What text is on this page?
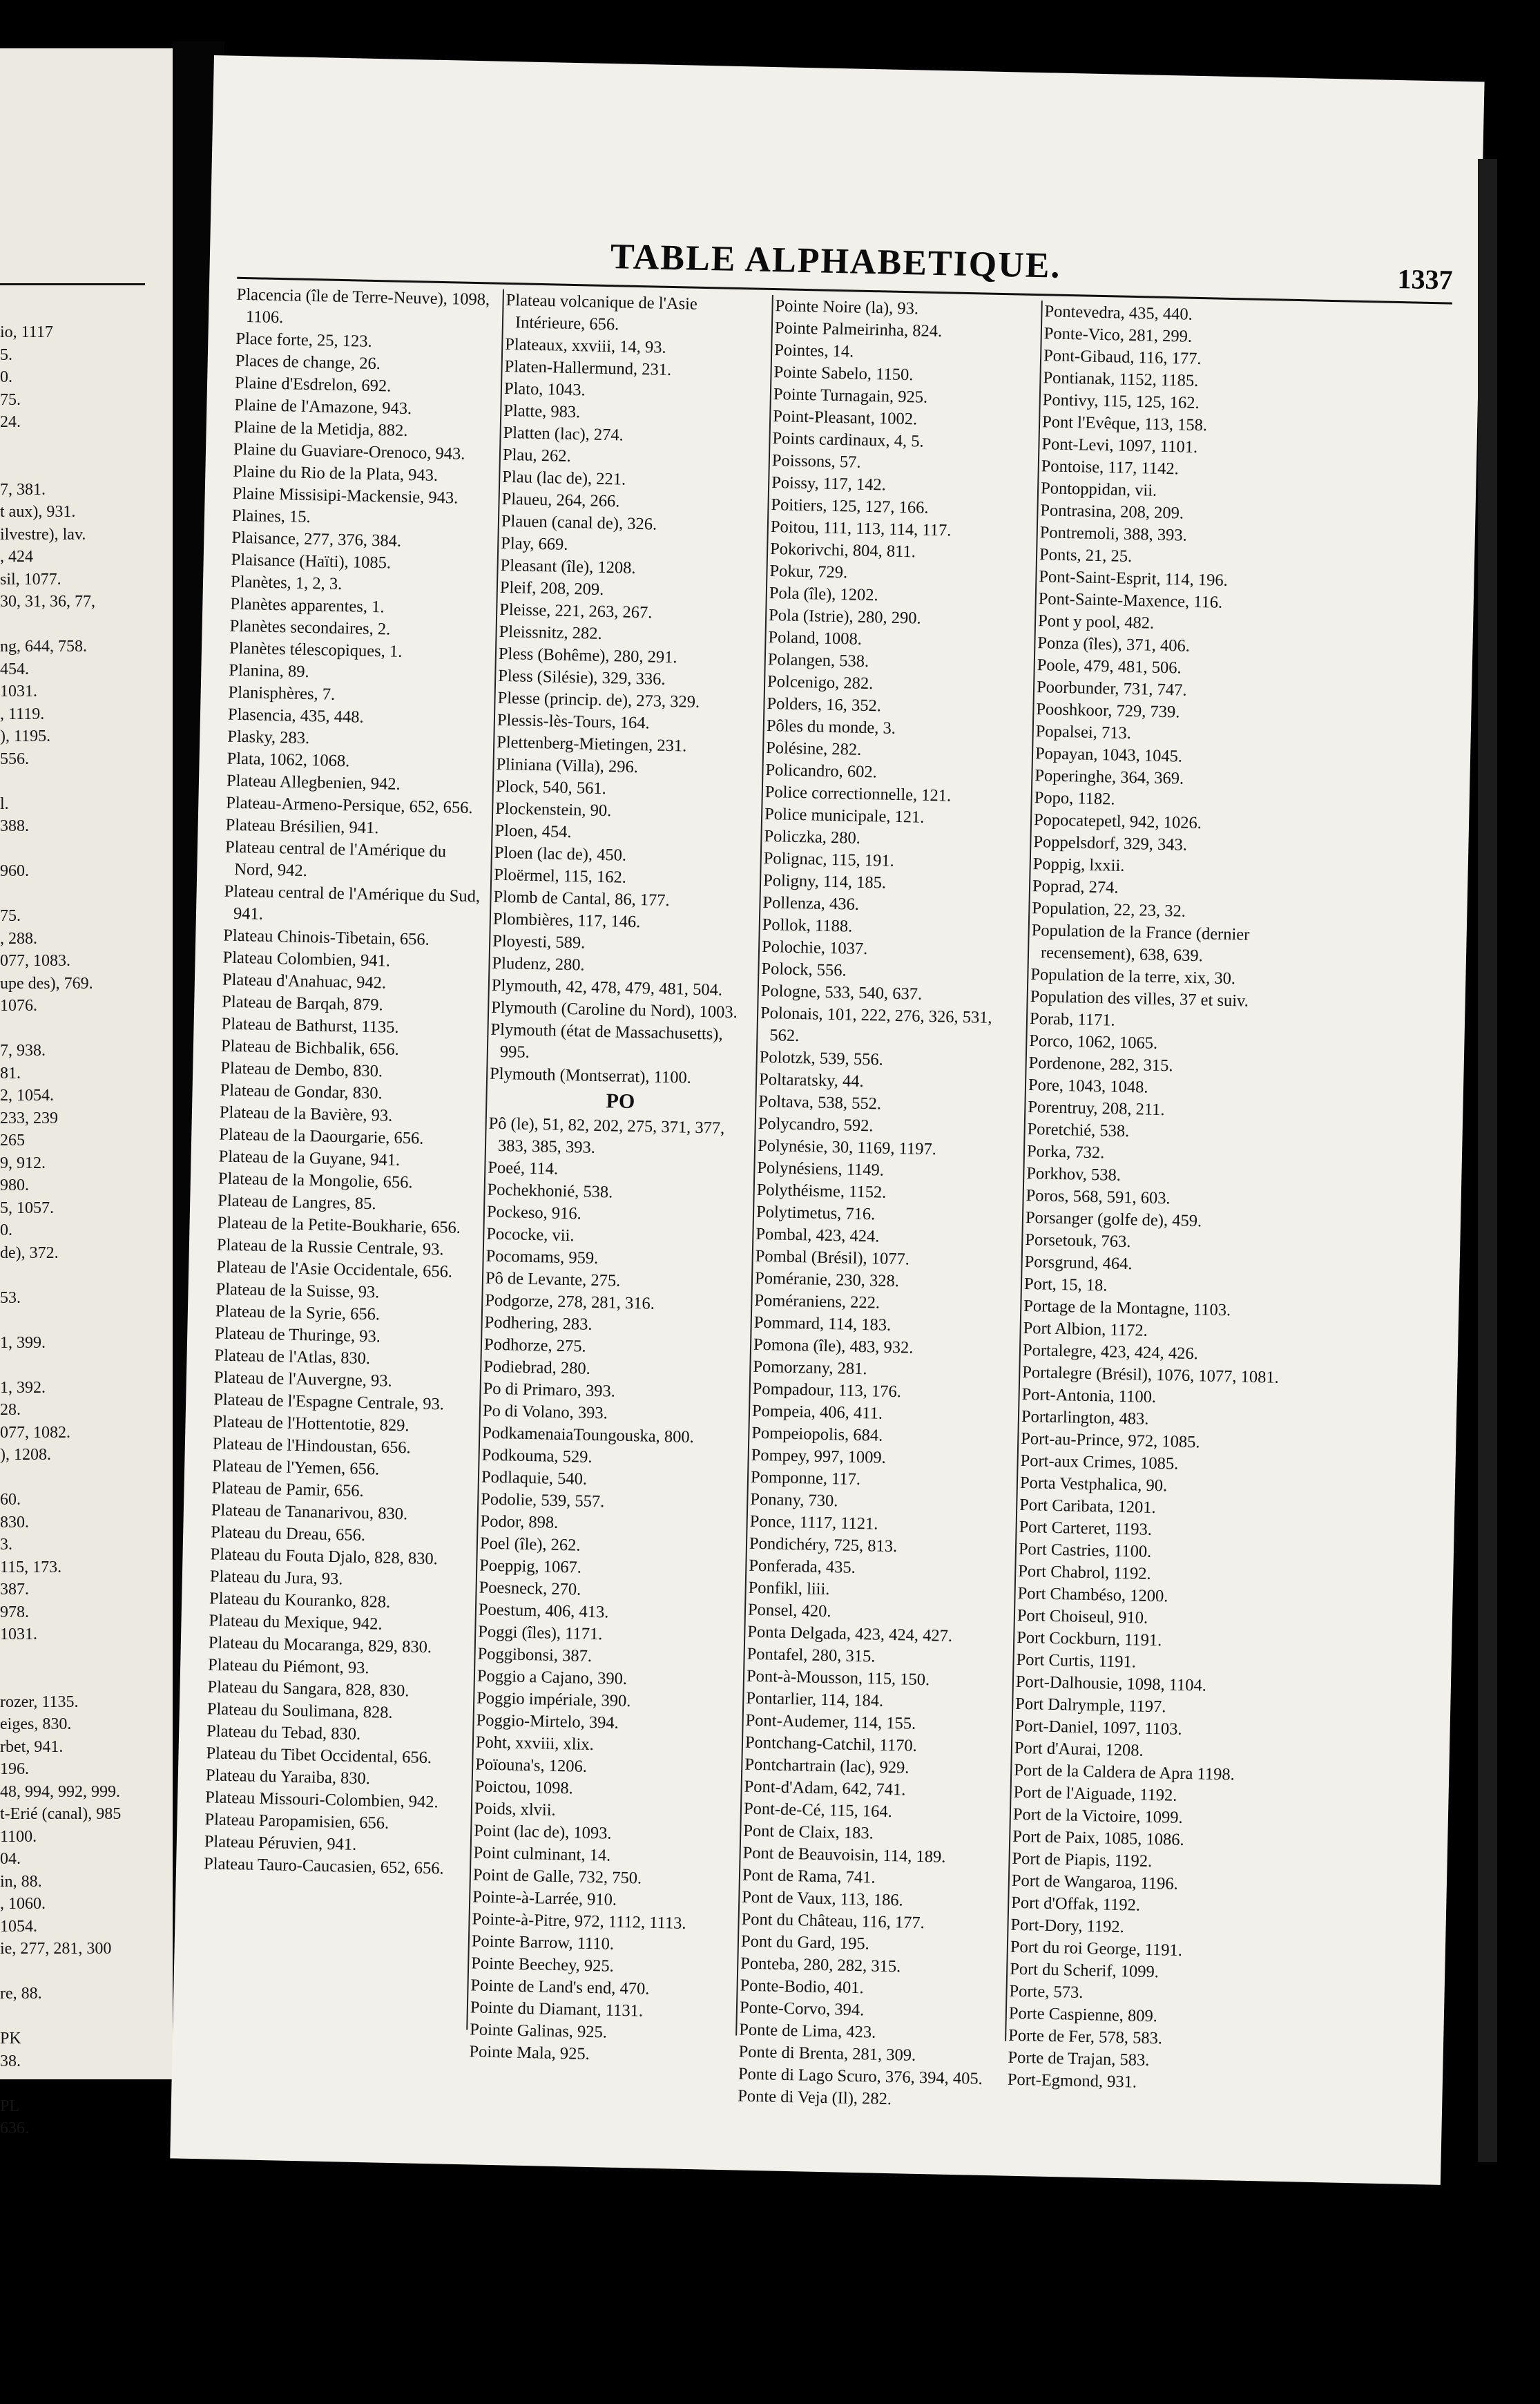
io, 1117
5.
0.
75.
24.

7, 381.
t aux), 931.
ilvestre), lav.
, 424
sil, 1077.
30, 31, 36, 77,

ng, 644, 758.
454.
1031.
, 1119.
), 1195.
556.

l.
388.

960.

75.
, 288.
077, 1083.
upe des), 769.
1076.

7, 938.
81.
2, 1054.
233, 239
265
9, 912.
980.
5, 1057.
0.
de), 372.

53.

1, 399.

1, 392.
28.
077, 1082.
), 1208.

60.
830.
3.
115, 173.
387.
978.
1031.

rozer, 1135.
eiges, 830.
rbet, 941.
196.
48, 994, 992, 999.
t-Erié (canal), 985
1100.
04.
in, 88.
, 1060.
1054.
ie, 277, 281, 300

re, 88.

PK
38.

PL
636.
TABLE ALPHABETIQUE.	1337

Placencia (île de Terre-Neuve), 1098, 1106.

Place forte, 25, 123.

Places de change, 26.

Plaine d'Esdrelon, 692.

Plaine de l'Amazone, 943.

Plaine de la Metidja, 882.

Plaine du Guaviare-Orenoco, 943.

Plaine du Rio de la Plata, 943.

Plaine Missisipi-Mackensie, 943.

Plaines, 15.

Plaisance, 277, 376, 384.

Plaisance (Haïti), 1085.

Planètes, 1, 2, 3.

Planètes apparentes, 1.

Planètes secondaires, 2.

Planètes télescopiques, 1.

Planina, 89.

Planisphères, 7.

Plasencia, 435, 448.

Plasky, 283.

Plata, 1062, 1068.

Plateau Allegbenien, 942.

Plateau-Armeno-Persique, 652, 656.

Plateau Brésilien, 941.

Plateau central de l'Amérique du Nord, 942.

Plateau central de l'Amérique du Sud, 941.

Plateau Chinois-Tibetain, 656.

Plateau Colombien, 941.

Plateau d'Anahuac, 942.

Plateau de Barqah, 879.

Plateau de Bathurst, 1135.

Plateau de Bichbalik, 656.

Plateau de Dembo, 830.

Plateau de Gondar, 830.

Plateau de la Bavière, 93.

Plateau de la Daourgarie, 656.

Plateau de la Guyane, 941.

Plateau de la Mongolie, 656.

Plateau de Langres, 85.

Plateau de la Petite-Boukharie, 656.

Plateau de la Russie Centrale, 93.

Plateau de l'Asie Occidentale, 656.

Plateau de la Suisse, 93.

Plateau de la Syrie, 656.

Plateau de Thuringe, 93.

Plateau de l'Atlas, 830.

Plateau de l'Auvergne, 93.

Plateau de l'Espagne Centrale, 93.

Plateau de l'Hottentotie, 829.

Plateau de l'Hindoustan, 656.

Plateau de l'Yemen, 656.

Plateau de Pamir, 656.

Plateau de Tananarivou, 830.

Plateau du Dreau, 656.

Plateau du Fouta Djalo, 828, 830.

Plateau du Jura, 93.

Plateau du Kouranko, 828.

Plateau du Mexique, 942.

Plateau du Mocaranga, 829, 830.

Plateau du Piémont, 93.

Plateau du Sangara, 828, 830.

Plateau du Soulimana, 828.

Plateau du Tebad, 830.

Plateau du Tibet Occidental, 656.

Plateau du Yaraiba, 830.

Plateau Missouri-Colombien, 942.

Plateau Paropamisien, 656.

Plateau Péruvien, 941.

Plateau Tauro-Caucasien, 652, 656.

Plateau volcanique de l'Asie Intérieure, 656.

Plateaux, xxviii, 14, 93.

Platen-Hallermund, 231.

Plato, 1043.

Platte, 983.

Platten (lac), 274.

Plau, 262.

Plau (lac de), 221.

Plaueu, 264, 266.

Plauen (canal de), 326.

Play, 669.

Pleasant (île), 1208.

Pleif, 208, 209.

Pleisse, 221, 263, 267.

Pleissnitz, 282.

Pless (Bohême), 280, 291.

Pless (Silésie), 329, 336.

Plesse (princip. de), 273, 329.

Plessis-lès-Tours, 164.

Plettenberg-Mietingen, 231.

Pliniana (Villa), 296.

Plock, 540, 561.

Plockenstein, 90.

Ploen, 454.

Ploen (lac de), 450.

Ploërmel, 115, 162.

Plomb de Cantal, 86, 177.

Plombières, 117, 146.

Ployesti, 589.

Pludenz, 280.

Plymouth, 42, 478, 479, 481, 504.

Plymouth (Caroline du Nord), 1003.

Plymouth (état de Massachusetts), 995.

Plymouth (Montserrat), 1100.

PO

Pô (le), 51, 82, 202, 275, 371, 377, 383, 385, 393.

Poeé, 114.

Pochekhonié, 538.

Pockeso, 916.

Pococke, vii.

Pocomams, 959.

Pô de Levante, 275.

Podgorze, 278, 281, 316.

Podhering, 283.

Podhorze, 275.

Podiebrad, 280.

Po di Primaro, 393.

Po di Volano, 393.

PodkamenaiaToungouska, 800.

Podkouma, 529.

Podlaquie, 540.

Podolie, 539, 557.

Podor, 898.

Poel (île), 262.

Poeppig, 1067.

Poesneck, 270.

Poestum, 406, 413.

Poggi (îles), 1171.

Poggibonsi, 387.

Poggio a Cajano, 390.

Poggio impériale, 390.

Poggio-Mirtelo, 394.

Poht, xxviii, xlix.

Poïouna's, 1206.

Poictou, 1098.

Poids, xlvii.

Point (lac de), 1093.

Point culminant, 14.

Point de Galle, 732, 750.

Pointe-à-Larrée, 910.

Pointe-à-Pitre, 972, 1112, 1113.

Pointe Barrow, 1110.

Pointe Beechey, 925.

Pointe de Land's end, 470.

Pointe du Diamant, 1131.

Pointe Galinas, 925.

Pointe Mala, 925.

Pointe Noire (la), 93.

Pointe Palmeirinha, 824.

Pointes, 14.

Pointe Sabelo, 1150.

Pointe Turnagain, 925.

Point-Pleasant, 1002.

Points cardinaux, 4, 5.

Poissons, 57.

Poissy, 117, 142.

Poitiers, 125, 127, 166.

Poitou, 111, 113, 114, 117.

Pokorivchi, 804, 811.

Pokur, 729.

Pola (île), 1202.

Pola (Istrie), 280, 290.

Poland, 1008.

Polangen, 538.

Polcenigo, 282.

Polders, 16, 352.

Pôles du monde, 3.

Polésine, 282.

Policandro, 602.

Police correctionnelle, 121.

Police municipale, 121.

Policzka, 280.

Polignac, 115, 191.

Poligny, 114, 185.

Pollenza, 436.

Pollok, 1188.

Polochie, 1037.

Polock, 556.

Pologne, 533, 540, 637.

Polonais, 101, 222, 276, 326, 531, 562.

Polotzk, 539, 556.

Poltaratsky, 44.

Poltava, 538, 552.

Polycandro, 592.

Polynésie, 30, 1169, 1197.

Polynésiens, 1149.

Polythéisme, 1152.

Polytimetus, 716.

Pombal, 423, 424.

Pombal (Brésil), 1077.

Poméranie, 230, 328.

Poméraniens, 222.

Pommard, 114, 183.

Pomona (île), 483, 932.

Pomorzany, 281.

Pompadour, 113, 176.

Pompeia, 406, 411.

Pompeiopolis, 684.

Pompey, 997, 1009.

Pomponne, 117.

Ponany, 730.

Ponce, 1117, 1121.

Pondichéry, 725, 813.

Ponferada, 435.

Ponfikl, liii.

Ponsel, 420.

Ponta Delgada, 423, 424, 427.

Pontafel, 280, 315.

Pont-à-Mousson, 115, 150.

Pontarlier, 114, 184.

Pont-Audemer, 114, 155.

Pontchang-Catchil, 1170.

Pontchartrain (lac), 929.

Pont-d'Adam, 642, 741.

Pont-de-Cé, 115, 164.

Pont de Claix, 183.

Pont de Beauvoisin, 114, 189.

Pont de Rama, 741.

Pont de Vaux, 113, 186.

Pont du Château, 116, 177.

Pont du Gard, 195.

Ponteba, 280, 282, 315.

Ponte-Bodio, 401.

Ponte-Corvo, 394.

Ponte de Lima, 423.

Ponte di Brenta, 281, 309.

Ponte di Lago Scuro, 376, 394, 405.

Ponte di Veja (Il), 282.

Pontevedra, 435, 440.

Ponte-Vico, 281, 299.

Pont-Gibaud, 116, 177.

Pontianak, 1152, 1185.

Pontivy, 115, 125, 162.

Pont l'Evêque, 113, 158.

Pont-Levi, 1097, 1101.

Pontoise, 117, 1142.

Pontoppidan, vii.

Pontrasina, 208, 209.

Pontremoli, 388, 393.

Ponts, 21, 25.

Pont-Saint-Esprit, 114, 196.

Pont-Sainte-Maxence, 116.

Pont y pool, 482.

Ponza (îles), 371, 406.

Poole, 479, 481, 506.

Poorbunder, 731, 747.

Pooshkoor, 729, 739.

Popalsei, 713.

Popayan, 1043, 1045.

Poperinghe, 364, 369.

Popo, 1182.

Popocatepetl, 942, 1026.

Poppelsdorf, 329, 343.

Poppig, lxxii.

Poprad, 274.

Population, 22, 23, 32.

Population de la France (dernier recensement), 638, 639.

Population de la terre, xix, 30.

Population des villes, 37 et suiv.

Porab, 1171.

Porco, 1062, 1065.

Pordenone, 282, 315.

Pore, 1043, 1048.

Porentruy, 208, 211.

Poretchié, 538.

Porka, 732.

Porkhov, 538.

Poros, 568, 591, 603.

Porsanger (golfe de), 459.

Porsetouk, 763.

Porsgrund, 464.

Port, 15, 18.

Portage de la Montagne, 1103.

Port Albion, 1172.

Portalegre, 423, 424, 426.

Portalegre (Brésil), 1076, 1077, 1081.

Port-Antonia, 1100.

Portarlington, 483.

Port-au-Prince, 972, 1085.

Port-aux Crimes, 1085.

Porta Vestphalica, 90.

Port Caribata, 1201.

Port Carteret, 1193.

Port Castries, 1100.

Port Chabrol, 1192.

Port Chambéso, 1200.

Port Choiseul, 910.

Port Cockburn, 1191.

Port Curtis, 1191.

Port-Dalhousie, 1098, 1104.

Port Dalrymple, 1197.

Port-Daniel, 1097, 1103.

Port d'Aurai, 1208.

Port de la Caldera de Apra 1198.

Port de l'Aiguade, 1192.

Port de la Victoire, 1099.

Port de Paix, 1085, 1086.

Port de Piapis, 1192.

Port de Wangaroa, 1196.

Port d'Offak, 1192.

Port-Dory, 1192.

Port du roi George, 1191.

Port du Scherif, 1099.

Porte, 573.

Porte Caspienne, 809.

Porte de Fer, 578, 583.

Porte de Trajan, 583.

Port-Egmond, 931.
